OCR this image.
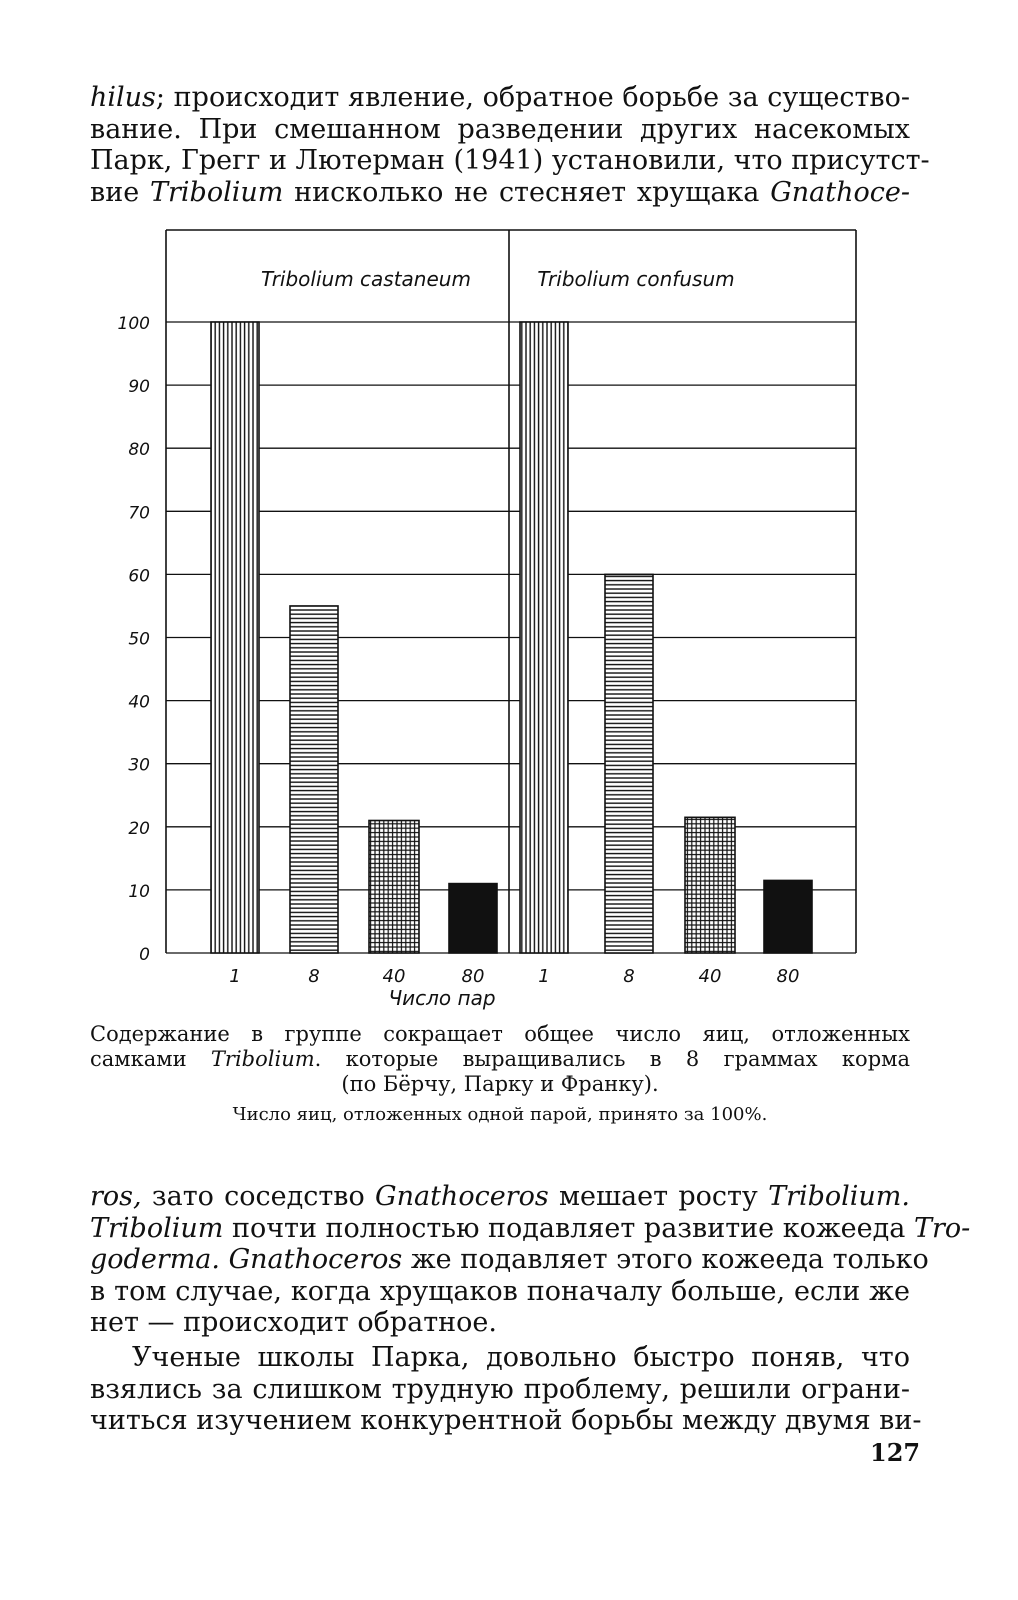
hilus; происходит явление, обратное борьбе за существо-
вание. При смешанном разведении других насекомых
Парк, Грегг и Лютерман (1941) установили, что присутст-
вие Tribolium нисколько не стесняет хрущака Gnathoce-
0
10
20
30
40
50
60
70
80
90
100
Tribolium castaneum	Tribolium confusum
1	8	40	80	1	8	40	80
Число пар
Содержание в группе сокращает общее число яиц, отложенных
самками Tribolium. которые выращивались в 8 граммах корма
(по Бёрчу, Парку и Франку).
Число яиц, отложенных одной парой, принято за 100%.
ros, зато соседство Gnathoceros мешает росту Tribolium.
Tribolium почти полностью подавляет развитие кожееда Tro-
goderma. Gnathoceros же подавляет этого кожееда только
в том случае, когда хрущаков поначалу больше, если же
нет — происходит обратное.
Ученые школы Парка, довольно быстро поняв, что
взялись за слишком трудную проблему, решили ограни-
читься изучением конкурентной борьбы между двумя ви-
127
